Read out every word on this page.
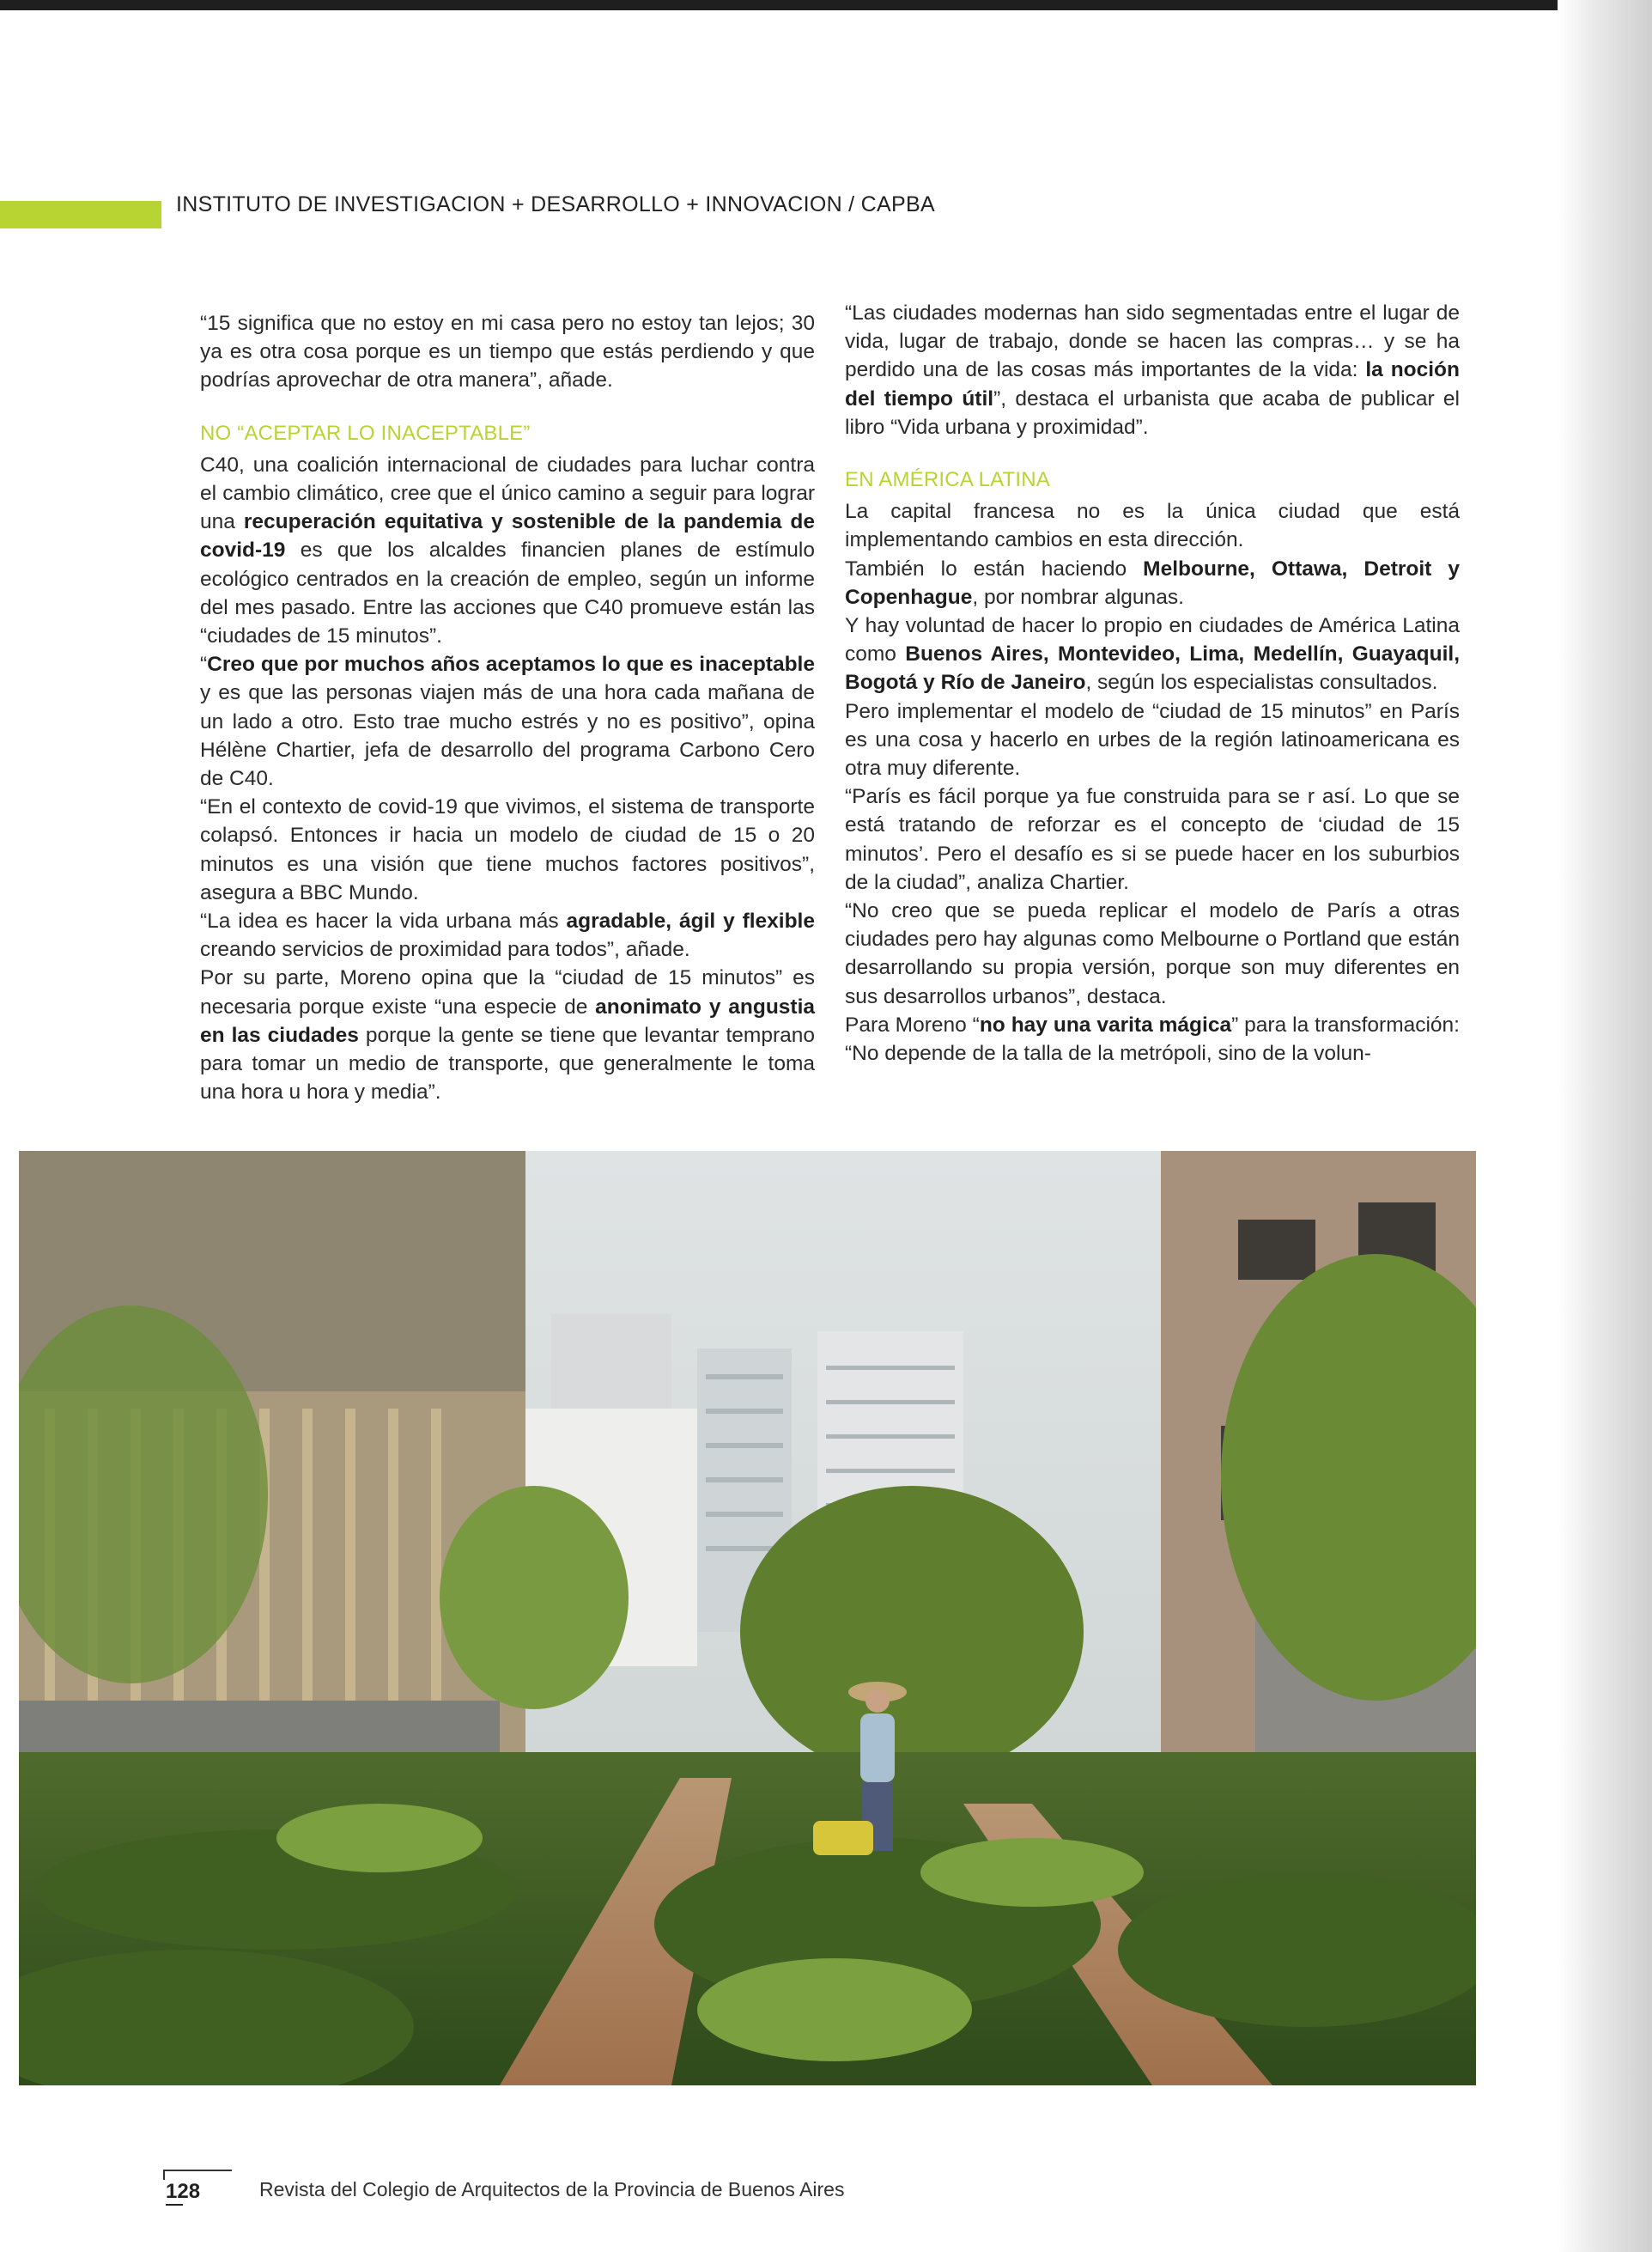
INSTITUTO DE INVESTIGACION + DESARROLLO + INNOVACION / CAPBA

“15 significa que no estoy en mi casa pero no estoy tan lejos; 30 ya es otra cosa porque es un tiempo que estás perdiendo y que podrías aprovechar de otra manera”, añade.

NO “ACEPTAR LO INACEPTABLE”

C40, una coalición internacional de ciudades para luchar contra el cambio climático, cree que el único camino a seguir para lograr una recuperación equitativa y sostenible de la pandemia de covid-19 es que los alcaldes financien planes de estímulo ecológico centrados en la creación de empleo, según un informe del mes pasado. Entre las acciones que C40 promueve están las “ciudades de 15 minutos”.

“Creo que por muchos años aceptamos lo que es inaceptable y es que las personas viajen más de una hora cada mañana de un lado a otro. Esto trae mucho estrés y no es positivo”, opina Hélène Chartier, jefa de desarrollo del programa Carbono Cero de C40.

“En el contexto de covid-19 que vivimos, el sistema de transporte colapsó. Entonces ir hacia un modelo de ciudad de 15 o 20 minutos es una visión que tiene muchos factores positivos”, asegura a BBC Mundo.

“La idea es hacer la vida urbana más agradable, ágil y flexible creando servicios de proximidad para todos”, añade.

Por su parte, Moreno opina que la “ciudad de 15 minutos” es necesaria porque existe “una especie de anonimato y angustia en las ciudades porque la gente se tiene que levantar temprano para tomar un medio de transporte, que generalmente le toma una hora u hora y media”.

“Las ciudades modernas han sido segmentadas entre el lugar de vida, lugar de trabajo, donde se hacen las compras… y se ha perdido una de las cosas más importantes de la vida: la noción del tiempo útil”, destaca el urbanista que acaba de publicar el libro “Vida urbana y proximidad”.

EN AMÉRICA LATINA

La capital francesa no es la única ciudad que está implementando cambios en esta dirección.

También lo están haciendo Melbourne, Ottawa, Detroit y Copenhague, por nombrar algunas.

Y hay voluntad de hacer lo propio en ciudades de América Latina como Buenos Aires, Montevideo, Lima, Medellín, Guayaquil, Bogotá y Río de Janeiro, según los especialistas consultados.

Pero implementar el modelo de “ciudad de 15 minutos” en París es una cosa y hacerlo en urbes de la región latinoamericana es otra muy diferente.

“París es fácil porque ya fue construida para se r así. Lo que se está tratando de reforzar es el concepto de ‘ciudad de 15 minutos’. Pero el desafío es si se puede hacer en los suburbios de la ciudad”, analiza Chartier.

“No creo que se pueda replicar el modelo de París a otras ciudades pero hay algunas como Melbourne o Portland que están desarrollando su propia versión, porque son muy diferentes en sus desarrollos urbanos”, destaca.

Para Moreno “no hay una varita mágica” para la transformación: “No depende de la talla de la metrópoli, sino de la volun-

128	Revista del Colegio de Arquitectos de la Provincia de Buenos Aires
